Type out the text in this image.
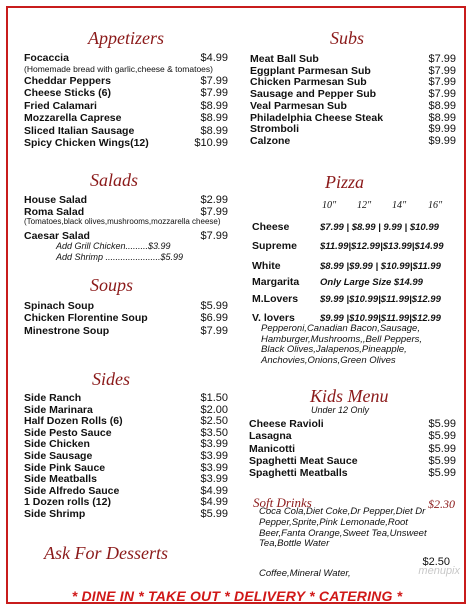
Appetizers
Focaccia	$4.99
Cheddar Peppers	$7.99
Cheese Sticks (6)	$7.99
Fried Calamari	$8.99
Mozzarella Caprese	$8.99
Sliced Italian Sausage	$8.99
Spicy Chicken Wings(12)	$10.99
(Homemade bread with garlic,cheese & tomatoes)
Salads
House Salad	$2.99
Roma Salad	$7.99
Caesar Salad	$7.99
(Tomatoes,black olives,mushrooms,mozzarella cheese)
Add Grill Chicken.........$3.99
Add Shrimp ......................$5.99
Soups
Spinach Soup	$5.99
Chicken Florentine Soup	$6.99
Minestrone Soup	$7.99
Sides
Side Ranch	$1.50
Side Marinara	$2.00
Half Dozen Rolls (6)	$2.50
Side Pesto Sauce	$3.50
Side Chicken	$3.99
Side Sausage	$3.99
Side Pink Sauce	$3.99
Side Meatballs	$3.99
Side Alfredo Sauce	$4.99
1 Dozen rolls (12)	$4.99
Side Shrimp	$5.99
Ask For Desserts
Subs
Meat Ball Sub	$7.99
Eggplant Parmesan Sub	$7.99
Chicken Parmesan Sub	$7.99
Sausage and Pepper Sub	$7.99
Veal Parmesan Sub	$8.99
Philadelphia Cheese Steak	$8.99
Stromboli	$9.99
Calzone	$9.99
Pizza
10" 12" 14" 16"
Cheese	$7.99 | $8.99 | 9.99 | $10.99
Supreme $11.99|$12.99|$13.99|$14.99
White	$8.99 |$9.99 | $10.99|$11.99
Margarita Only Large Size $14.99
M.Lovers $9.99 |$10.99|$11.99|$12.99
V. lovers	$9.99 |$10.99|$11.99|$12.99
Pepperoni,Canadian Bacon,Sausage,
Hamburger,Mushrooms,,Bell Peppers,
Black Olives,Jalapenos,Pineapple,
Anchovies,Onions,Green Olives
Kids Menu
Under 12 Only
Cheese Ravioli	$5.99
Lasagna	$5.99
Manicotti	$5.99
Spaghetti Meat Sauce	$5.99
Spaghetti Meatballs	$5.99
Soft Drinks	$2.30
Coca Cola,Diet Coke,Dr Pepper,Diet Dr
Pepper,Sprite,Pink Lemonade,Root
Beer,Fanta Orange,Sweet Tea,Unsweet
Tea,Bottle Water
Coffee,Mineral Water,
$2.50
menupix
* DINE IN * TAKE OUT * DELIVERY * CATERING *
